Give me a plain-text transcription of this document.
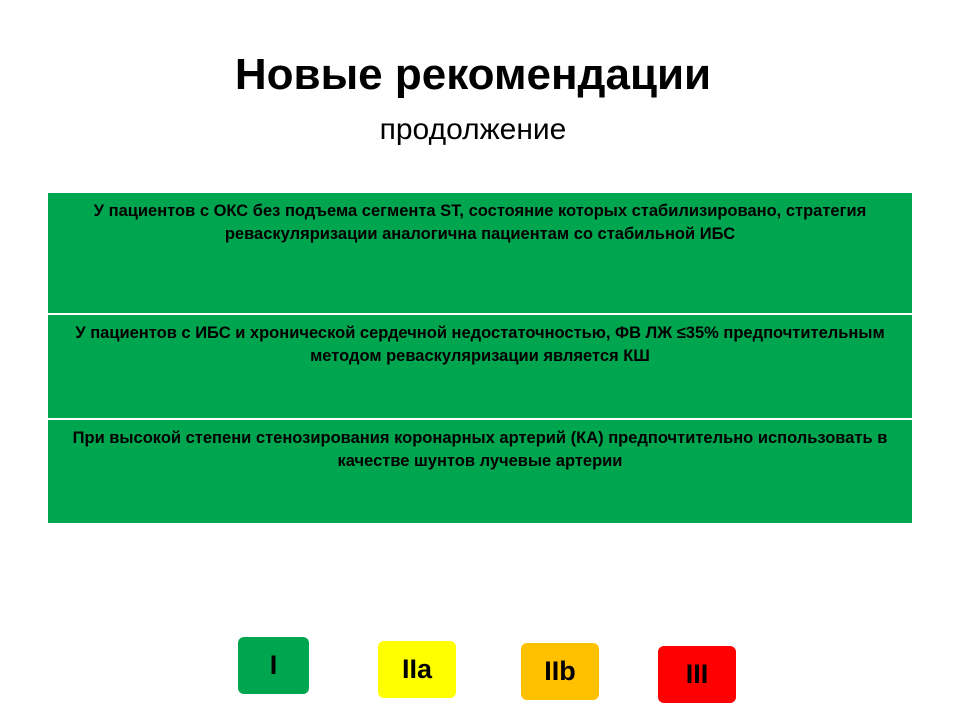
Новые рекомендации
продолжение
У пациентов с ОКС без подъема сегмента ST, состояние которых стабилизировано, стратегия реваскуляризации аналогична пациентам со стабильной ИБС
У пациентов с ИБС и хронической сердечной недостаточностью, ФВ ЛЖ ≤35% предпочтительным методом реваскуляризации является КШ
При высокой степени стенозирования коронарных артерий (КА) предпочтительно использовать в качестве шунтов лучевые артерии
I	IIa	IIb	III
